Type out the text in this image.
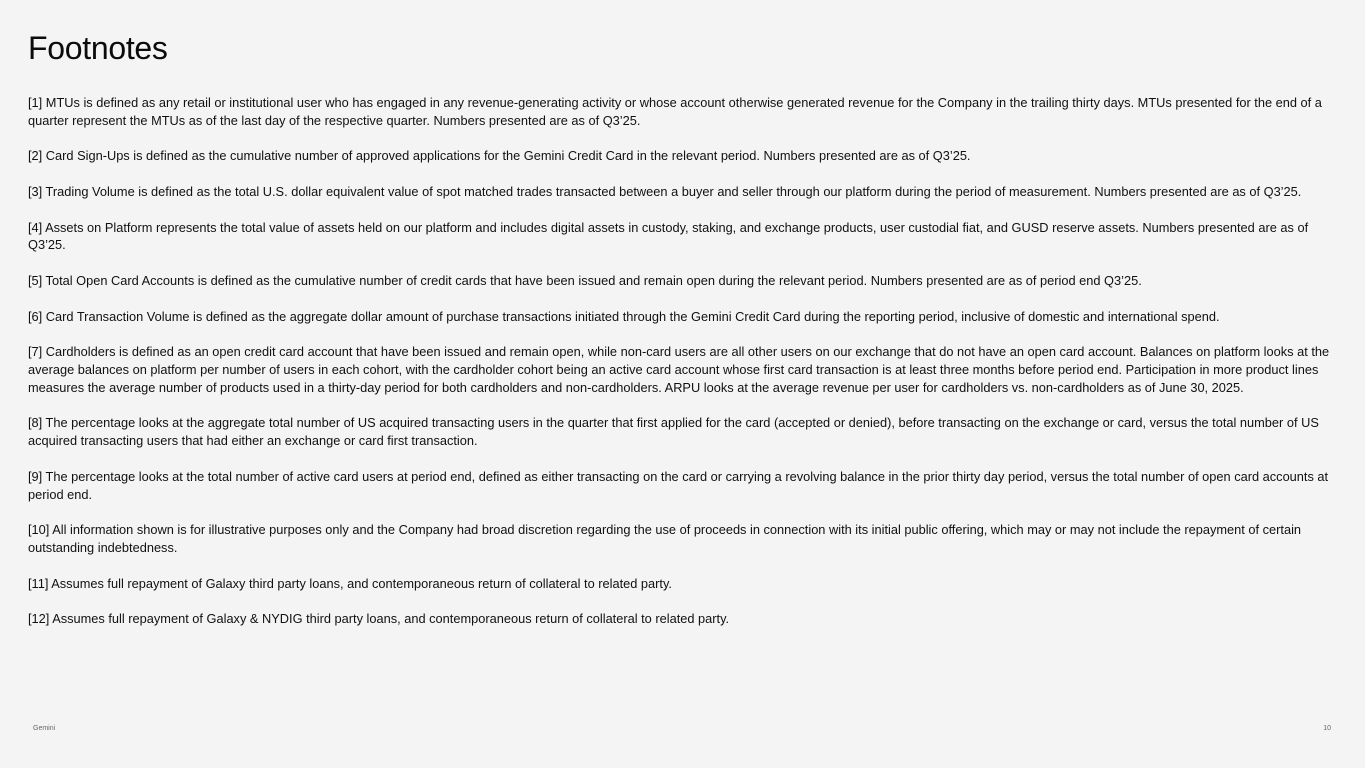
Footnotes
[1] MTUs is defined as any retail or institutional user who has engaged in any revenue-generating activity or whose account otherwise generated revenue for the Company in the trailing thirty days. MTUs presented for the end of a quarter represent the MTUs as of the last day of the respective quarter. Numbers presented are as of Q3’25.
[2] Card Sign-Ups is defined as the cumulative number of approved applications for the Gemini Credit Card in the relevant period. Numbers presented are as of Q3’25.
[3] Trading Volume is defined as the total U.S. dollar equivalent value of spot matched trades transacted between a buyer and seller through our platform during the period of measurement. Numbers presented are as of Q3’25.
[4] Assets on Platform represents the total value of assets held on our platform and includes digital assets in custody, staking, and exchange products, user custodial fiat, and GUSD reserve assets. Numbers presented are as of Q3’25.
[5] Total Open Card Accounts is defined as the cumulative number of credit cards that have been issued and remain open during the relevant period. Numbers presented are as of period end Q3’25.
[6] Card Transaction Volume is defined as the aggregate dollar amount of purchase transactions initiated through the Gemini Credit Card during the reporting period, inclusive of domestic and international spend.
[7] Cardholders is defined as an open credit card account that have been issued and remain open, while non-card users are all other users on our exchange that do not have an open card account. Balances on platform looks at the average balances on platform per number of users in each cohort, with the cardholder cohort being an active card account whose first card transaction is at least three months before period end. Participation in more product lines measures the average number of products used in a thirty-day period for both cardholders and non-cardholders. ARPU looks at the average revenue per user for cardholders vs. non-cardholders as of June 30, 2025.
[8] The percentage looks at the aggregate total number of US acquired transacting users in the quarter that first applied for the card (accepted or denied), before transacting on the exchange or card, versus the total number of US acquired transacting users that had either an exchange or card first transaction.
[9] The percentage looks at the total number of active card users at period end, defined as either transacting on the card or carrying a revolving balance in the prior thirty day period, versus the total number of open card accounts at period end.
[10] All information shown is for illustrative purposes only and the Company had broad discretion regarding the use of proceeds in connection with its initial public offering, which may or may not include the repayment of certain outstanding indebtedness.
[11] Assumes full repayment of Galaxy third party loans, and contemporaneous return of collateral to related party.
[12] Assumes full repayment of Galaxy & NYDIG third party loans, and contemporaneous return of collateral to related party.
Gemini	10
